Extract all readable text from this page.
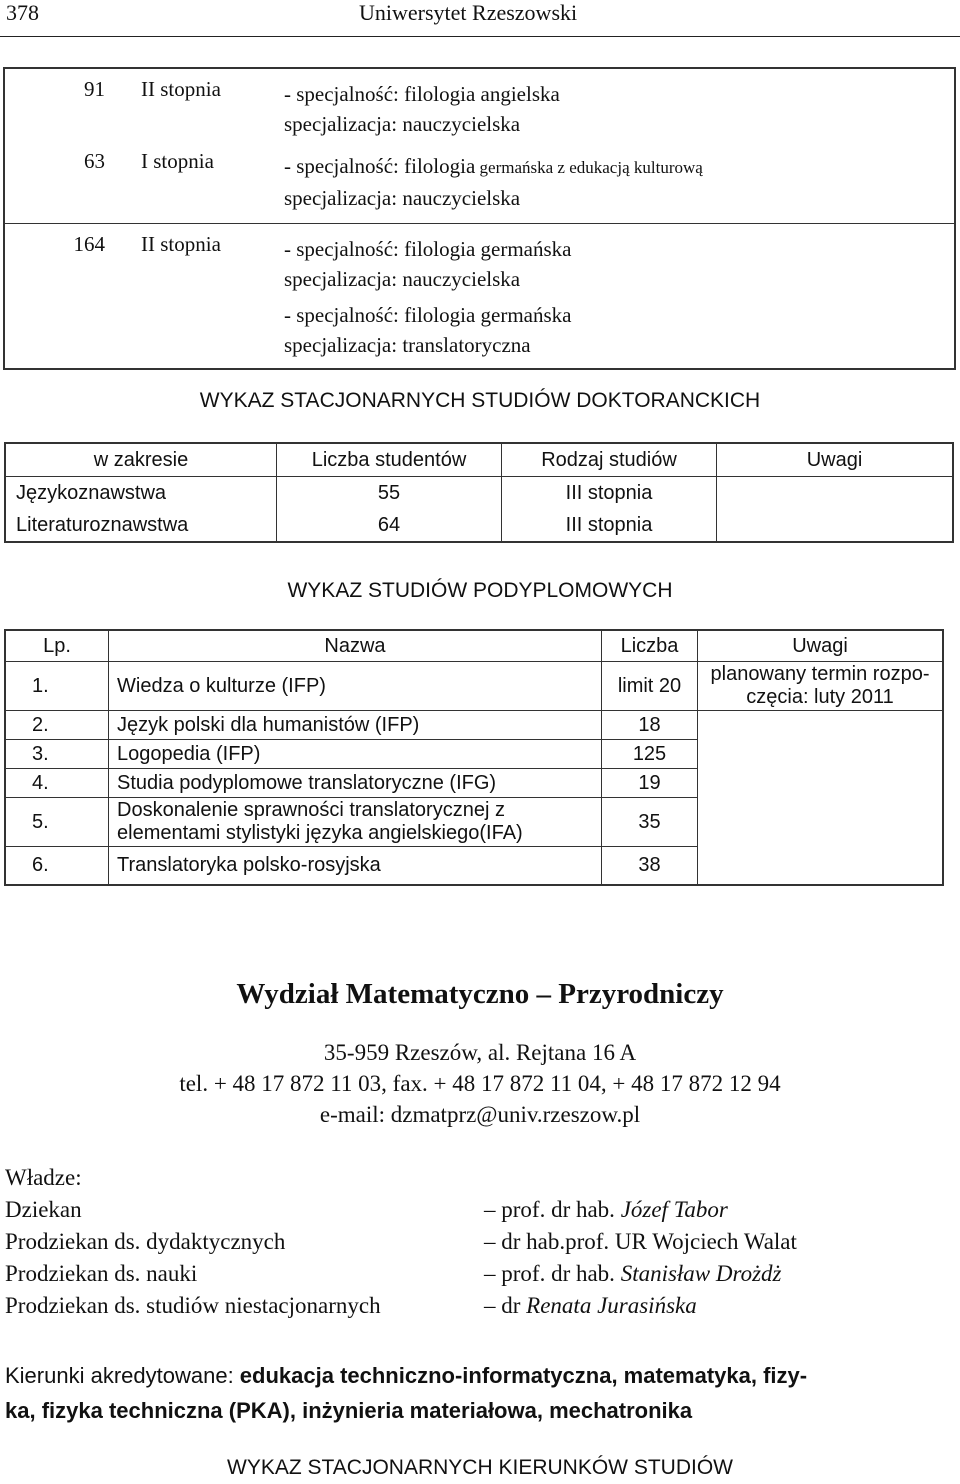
378	Uniwersytet Rzeszowski
91	II stopnia	- specjalność: filologia angielska
specjalizacja: nauczycielska

63	I stopnia	- specjalność: filologia germańska z edukacją kulturową
specjalizacja: nauczycielska

164	II stopnia	- specjalność: filologia germańska
specjalizacja: nauczycielska
- specjalność: filologia germańska
specjalizacja: translatoryczna
WYKAZ STACJONARNYCH STUDIÓW DOKTORANCKICH
w zakresie	Liczba studentów	Rodzaj studiów	Uwagi
Językoznawstwa	55	III stopnia	
Literaturoznawstwa	64	III stopnia	
WYKAZ STUDIÓW PODYPLOMOWYCH
Lp.	Nazwa	Liczba	Uwagi
1.	Wiedza o kulturze (IFP)	limit 20	planowany termin rozpo-
częcia: luty 2011

2.	Język polski dla humanistów (IFP)	18	
3.	Logopedia (IFP)	125	
4.	Studia podyplomowe translatoryczne (IFG)	19	
5.	Doskonalenie sprawności translatorycznej z
elementami stylistyki języka angielskiego(IFA)	35	
6.	Translatoryka polsko-rosyjska	38	
Wydział Matematyczno – Przyrodniczy
35-959 Rzeszów, al. Rejtana 16 A
tel. + 48 17 872 11 03, fax. + 48 17 872 11 04, + 48 17 872 12 94
e-mail: dzmatprz@univ.rzeszow.pl
Władze:
Dziekan	– prof. dr hab. Józef Tabor
Prodziekan ds. dydaktycznych	– dr hab.prof. UR Wojciech Walat
Prodziekan ds. nauki	– prof. dr hab. Stanisław Drożdż
Prodziekan ds. studiów niestacjonarnych	– dr Renata Jurasińska
Kierunki akredytowane: edukacja techniczno-informatyczna, matematyka, fizy-
ka, fizyka techniczna (PKA), inżynieria materiałowa, mechatronika
WYKAZ STACJONARNYCH KIERUNKÓW STUDIÓW
